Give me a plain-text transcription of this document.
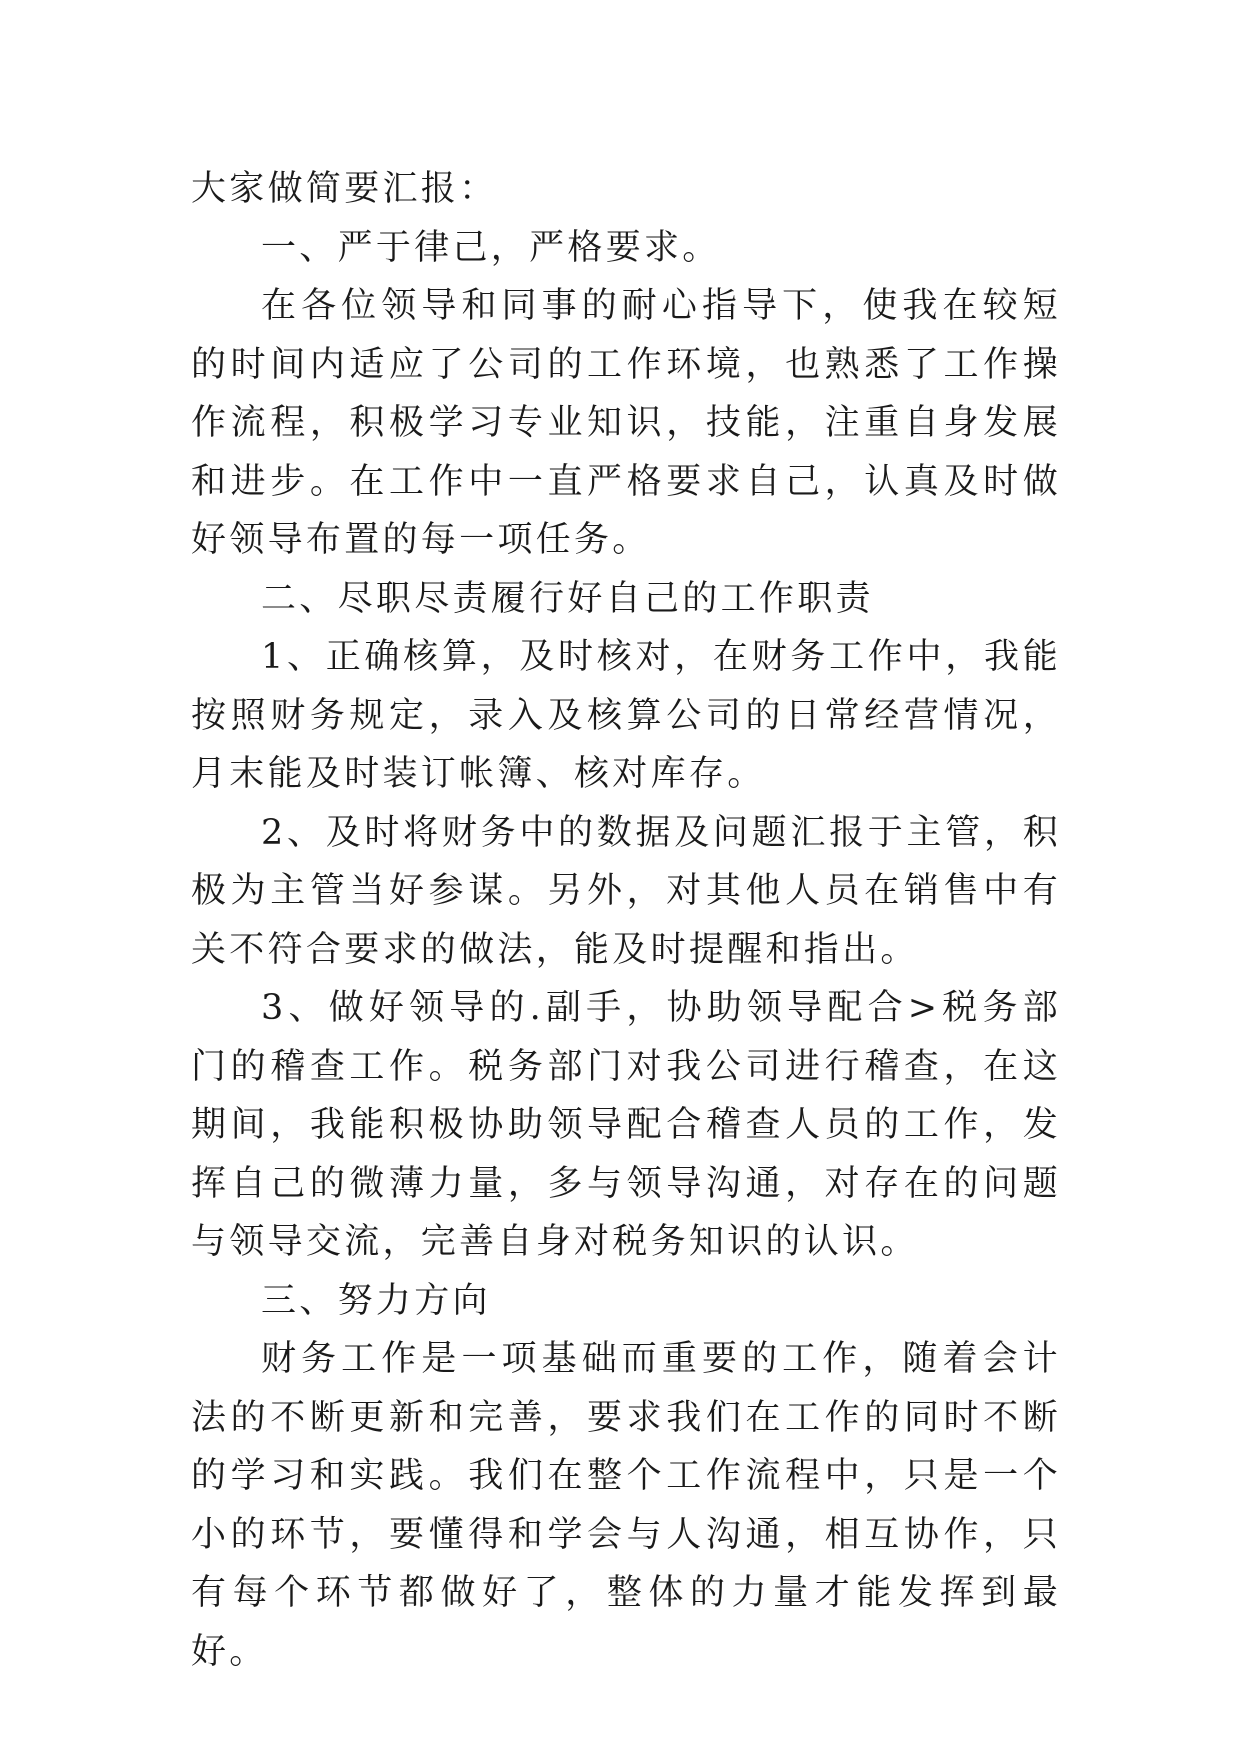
大家做简要汇报：

一、严于律己，严格要求。

在各位领导和同事的耐心指导下，使我在较短的时间内适应了公司的工作环境，也熟悉了工作操作流程，积极学习专业知识，技能，注重自身发展和进步。在工作中一直严格要求自己，认真及时做好领导布置的每一项任务。

二、尽职尽责履行好自己的工作职责

1、正确核算，及时核对，在财务工作中，我能按照财务规定，录入及核算公司的日常经营情况，月末能及时装订帐簿、核对库存。

2、及时将财务中的数据及问题汇报于主管，积极为主管当好参谋。另外，对其他人员在销售中有关不符合要求的做法，能及时提醒和指出。

3、做好领导的.副手，协助领导配合>税务部门的稽查工作。税务部门对我公司进行稽查，在这期间，我能积极协助领导配合稽查人员的工作，发挥自己的微薄力量，多与领导沟通，对存在的问题与领导交流，完善自身对税务知识的认识。

三、努力方向

财务工作是一项基础而重要的工作，随着会计法的不断更新和完善，要求我们在工作的同时不断的学习和实践。我们在整个工作流程中，只是一个小的环节，要懂得和学会与人沟通，相互协作，只有每个环节都做好了，整体的力量才能发挥到最好。
